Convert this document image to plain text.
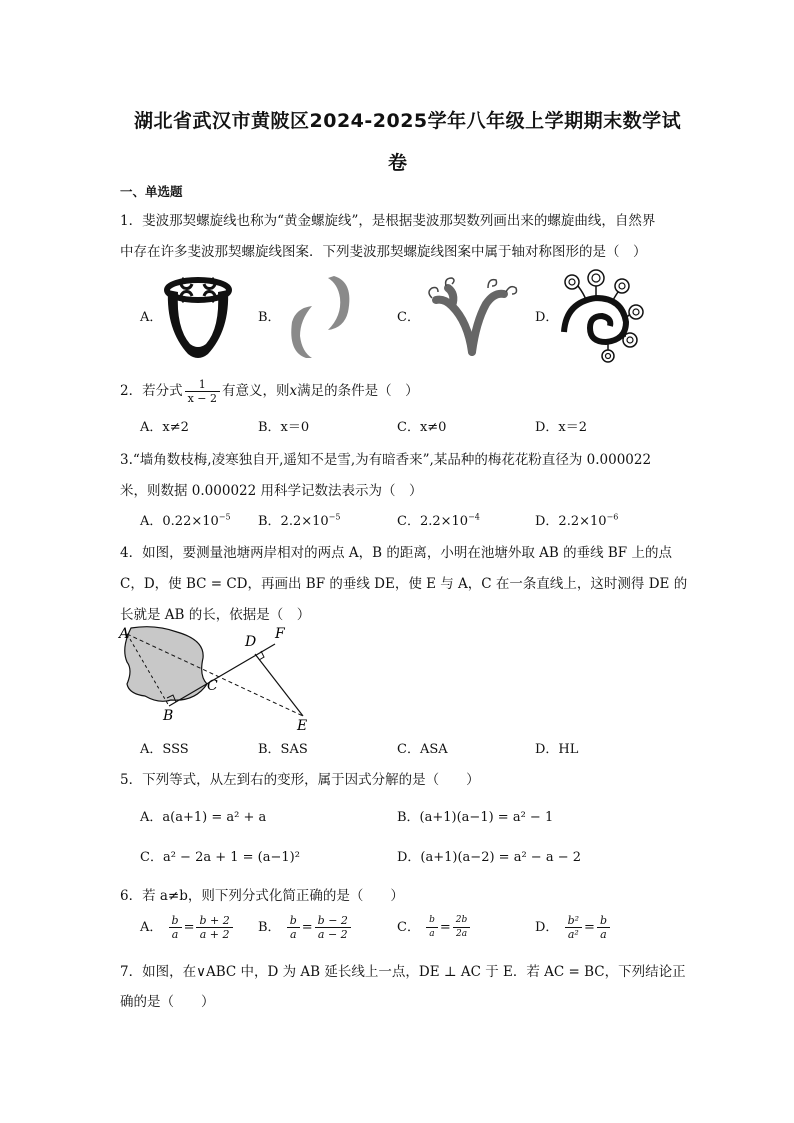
湖北省武汉市黄陂区2024-2025学年八年级上学期期末数学试
卷
一、单选题
1．斐波那契螺旋线也称为“黄金螺旋线”，是根据斐波那契数列画出来的螺旋曲线，自然界
中存在许多斐波那契螺旋线图案．下列斐波那契螺旋线图案中属于轴对称图形的是（　）
A．	B．	C．	D．
2．若分式 $\frac{1}{x - 2}$ 有意义，则x满足的条件是（　）
A．x≠2	B．x＝0	C．x≠0	D．x＝2
3.“墙角数枝梅,凌寒独自开,遥知不是雪,为有暗香来”,某品种的梅花花粉直径为 0.000022
米，则数据 0.000022 用科学记数法表示为（　）
A．$0.22\times 10^{-5}$ B．$2.2\times 10^{-5}$	C．$2.2\times 10^{-4}$	D．$2.2\times 10^{-6}$
4．如图，要测量池塘两岸相对的两点 A，B 的距离，小明在池塘外取 AB 的垂线 BF 上的点
C，D，使 BC = CD，再画出 BF 的垂线 DE，使 E 与 A，C 在一条直线上，这时测得 DE 的
长就是 AB 的长，依据是（　）
A
B
C
D
E
F
A．SSS	B．SAS	C．ASA	D．HL
5．下列等式，从左到右的变形，属于因式分解的是（　　）
A．a(a+1) = a² + a	B．(a+1)(a−1) = a² − 1
C．a² − 2a + 1 = (a−1)²	D．(a+1)(a−2) = a² − a − 2
6．若 a≠b，则下列分式化简正确的是（　　）
A． $\frac{b}{a} = \frac{b + 2}{a + 2}$ B． $\frac{b}{a} = \frac{b - 2}{a - 2}$	C． $\frac{b}{a} = \frac{2b}{2a}$	D． $\frac{\text{b²}}{\text{a²}} = \frac{b}{a}$
7．如图，在∨ABC 中，D 为 AB 延长线上一点，DE ⊥ AC 于 E．若 AC = BC，下列结论正
确的是（　　）
